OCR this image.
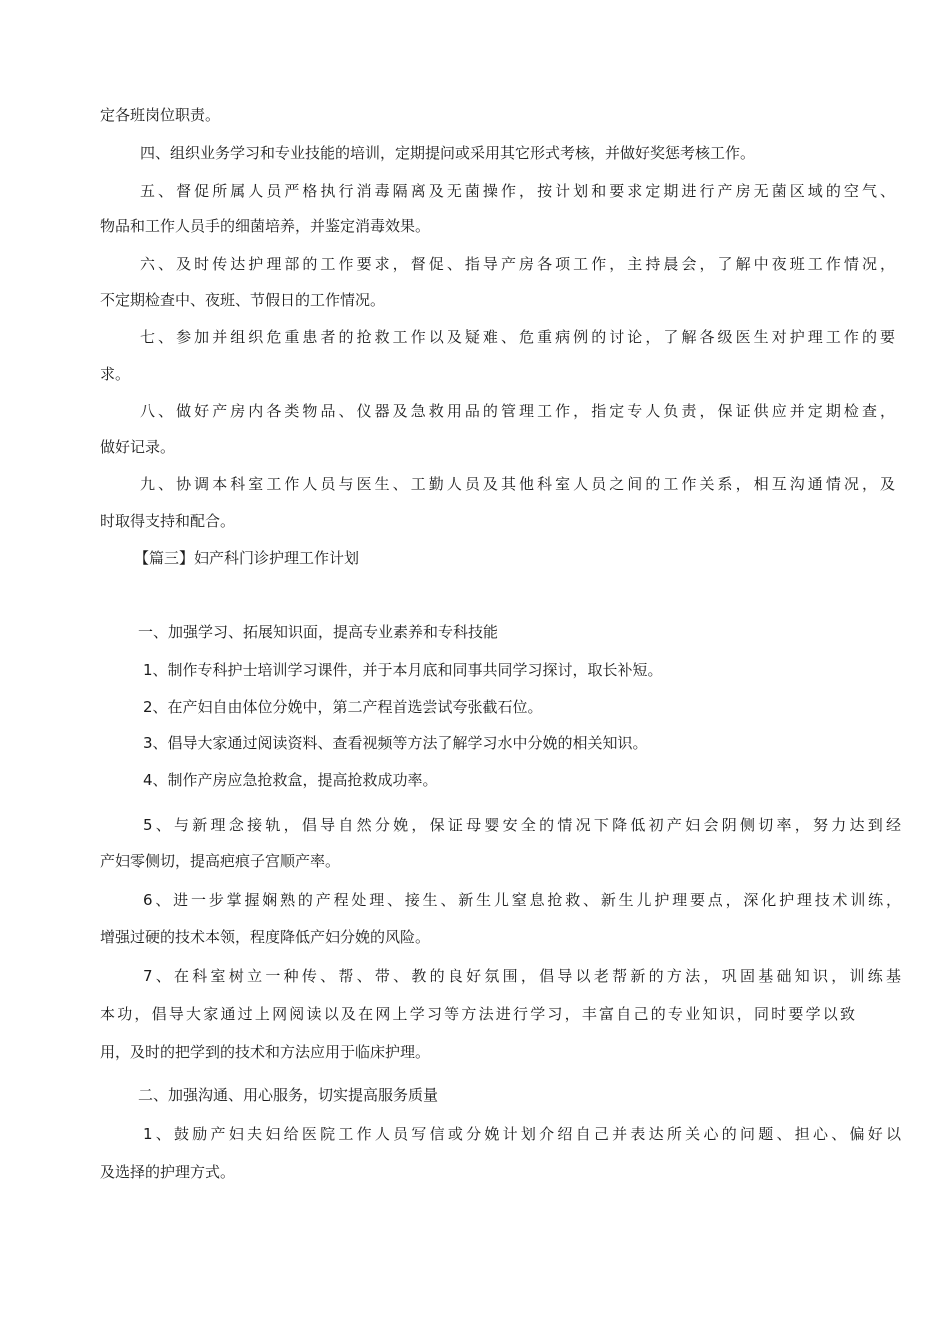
定各班岗位职责。
四、组织业务学习和专业技能的培训，定期提问或采用其它形式考核，并做好奖惩考核工作。
五、督促所属人员严格执行消毒隔离及无菌操作，按计划和要求定期进行产房无菌区域的空气、
物品和工作人员手的细菌培养，并鉴定消毒效果。
六、及时传达护理部的工作要求，督促、指导产房各项工作，主持晨会，了解中夜班工作情况，
不定期检查中、夜班、节假日的工作情况。
七、参加并组织危重患者的抢救工作以及疑难、危重病例的讨论，了解各级医生对护理工作的要
求。
八、做好产房内各类物品、仪器及急救用品的管理工作，指定专人负责，保证供应并定期检查，
做好记录。
九、协调本科室工作人员与医生、工勤人员及其他科室人员之间的工作关系，相互沟通情况，及
时取得支持和配合。
【篇三】妇产科门诊护理工作计划
一、加强学习、拓展知识面，提高专业素养和专科技能
1、制作专科护士培训学习课件，并于本月底和同事共同学习探讨，取长补短。
2、在产妇自由体位分娩中，第二产程首选尝试夸张截石位。
3、倡导大家通过阅读资料、查看视频等方法了解学习水中分娩的相关知识。
4、制作产房应急抢救盒，提高抢救成功率。
5、与新理念接轨，倡导自然分娩，保证母婴安全的情况下降低初产妇会阴侧切率，努力达到经
产妇零侧切，提高疤痕子宫顺产率。
6、进一步掌握娴熟的产程处理、接生、新生儿窒息抢救、新生儿护理要点，深化护理技术训练，
增强过硬的技术本领，程度降低产妇分娩的风险。
7、在科室树立一种传、帮、带、教的良好氛围，倡导以老帮新的方法，巩固基础知识，训练基
本功，倡导大家通过上网阅读以及在网上学习等方法进行学习，丰富自己的专业知识，同时要学以致
用，及时的把学到的技术和方法应用于临床护理。
二、加强沟通、用心服务，切实提高服务质量
1、鼓励产妇夫妇给医院工作人员写信或分娩计划介绍自己并表达所关心的问题、担心、偏好以
及选择的护理方式。
